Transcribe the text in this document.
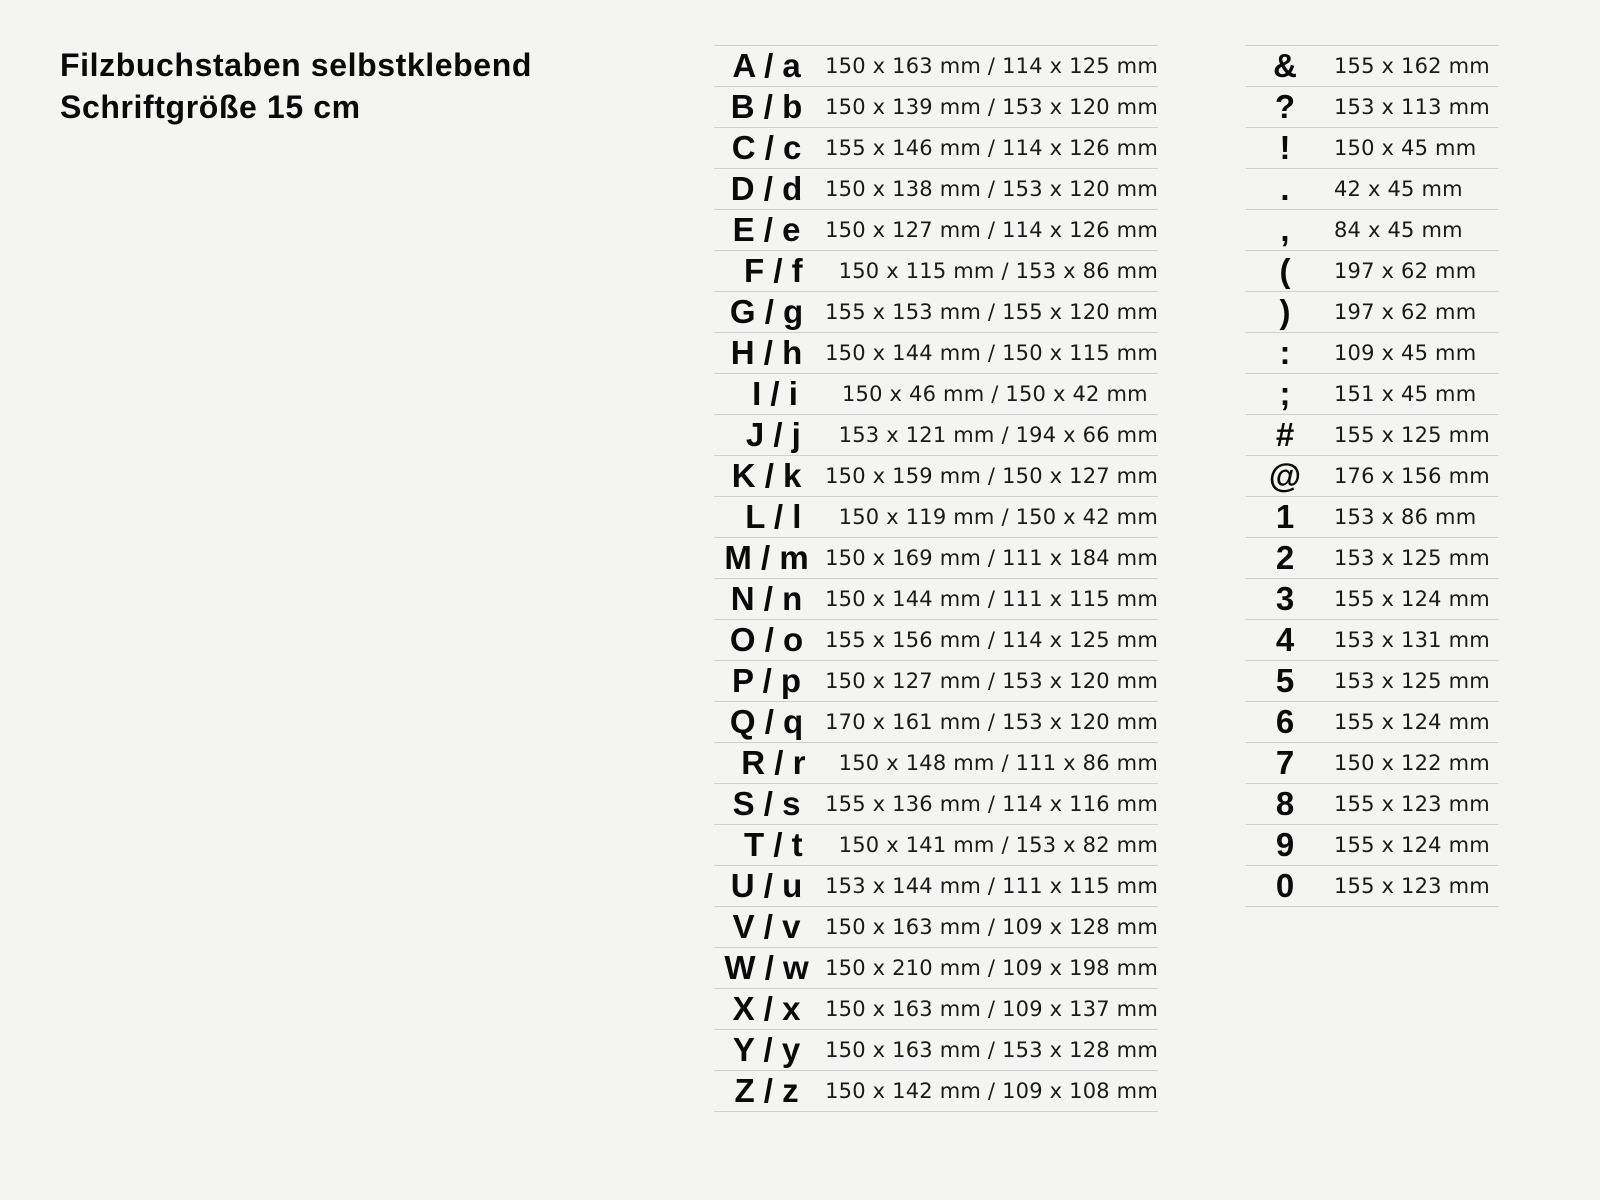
Filzbuchstaben selbstklebend
Schriftgröße 15 cm
A / a	150 x 163 mm / 114 x 125 mm
B / b	150 x 139 mm / 153 x 120 mm
C / c	155 x 146 mm / 114 x 126 mm
D / d	150 x 138 mm / 153 x 120 mm
E / e	150 x 127 mm / 114 x 126 mm
F / f	150 x 115 mm / 153 x 86 mm
G / g	155 x 153 mm / 155 x 120 mm
H / h	150 x 144 mm / 150 x 115 mm
I / i	150 x 46 mm / 150 x 42 mm
J / j	153 x 121 mm / 194 x 66 mm
K / k	150 x 159 mm / 150 x 127 mm
L / l	150 x 119 mm / 150 x 42 mm
M / m 150 x 169 mm / 111 x 184 mm
N / n	150 x 144 mm / 111 x 115 mm
O / o	155 x 156 mm / 114 x 125 mm
P / p	150 x 127 mm / 153 x 120 mm
Q / q	170 x 161 mm / 153 x 120 mm
R / r	150 x 148 mm / 111 x 86 mm
S / s	155 x 136 mm / 114 x 116 mm
T / t	150 x 141 mm / 153 x 82 mm
U / u	153 x 144 mm / 111 x 115 mm
V / v	150 x 163 mm / 109 x 128 mm
W / w 150 x 210 mm / 109 x 198 mm
X / x	150 x 163 mm / 109 x 137 mm
Y / y	150 x 163 mm / 153 x 128 mm
Z / z	150 x 142 mm / 109 x 108 mm
&	155 x 162 mm
?	153 x 113 mm
!	150 x 45 mm
.	42 x 45 mm
,	84 x 45 mm
(	197 x 62 mm
)	197 x 62 mm
:	109 x 45 mm
;	151 x 45 mm
#	155 x 125 mm
@	176 x 156 mm
1	153 x 86 mm
2	153 x 125 mm
3	155 x 124 mm
4	153 x 131 mm
5	153 x 125 mm
6	155 x 124 mm
7	150 x 122 mm
8	155 x 123 mm
9	155 x 124 mm
0	155 x 123 mm
